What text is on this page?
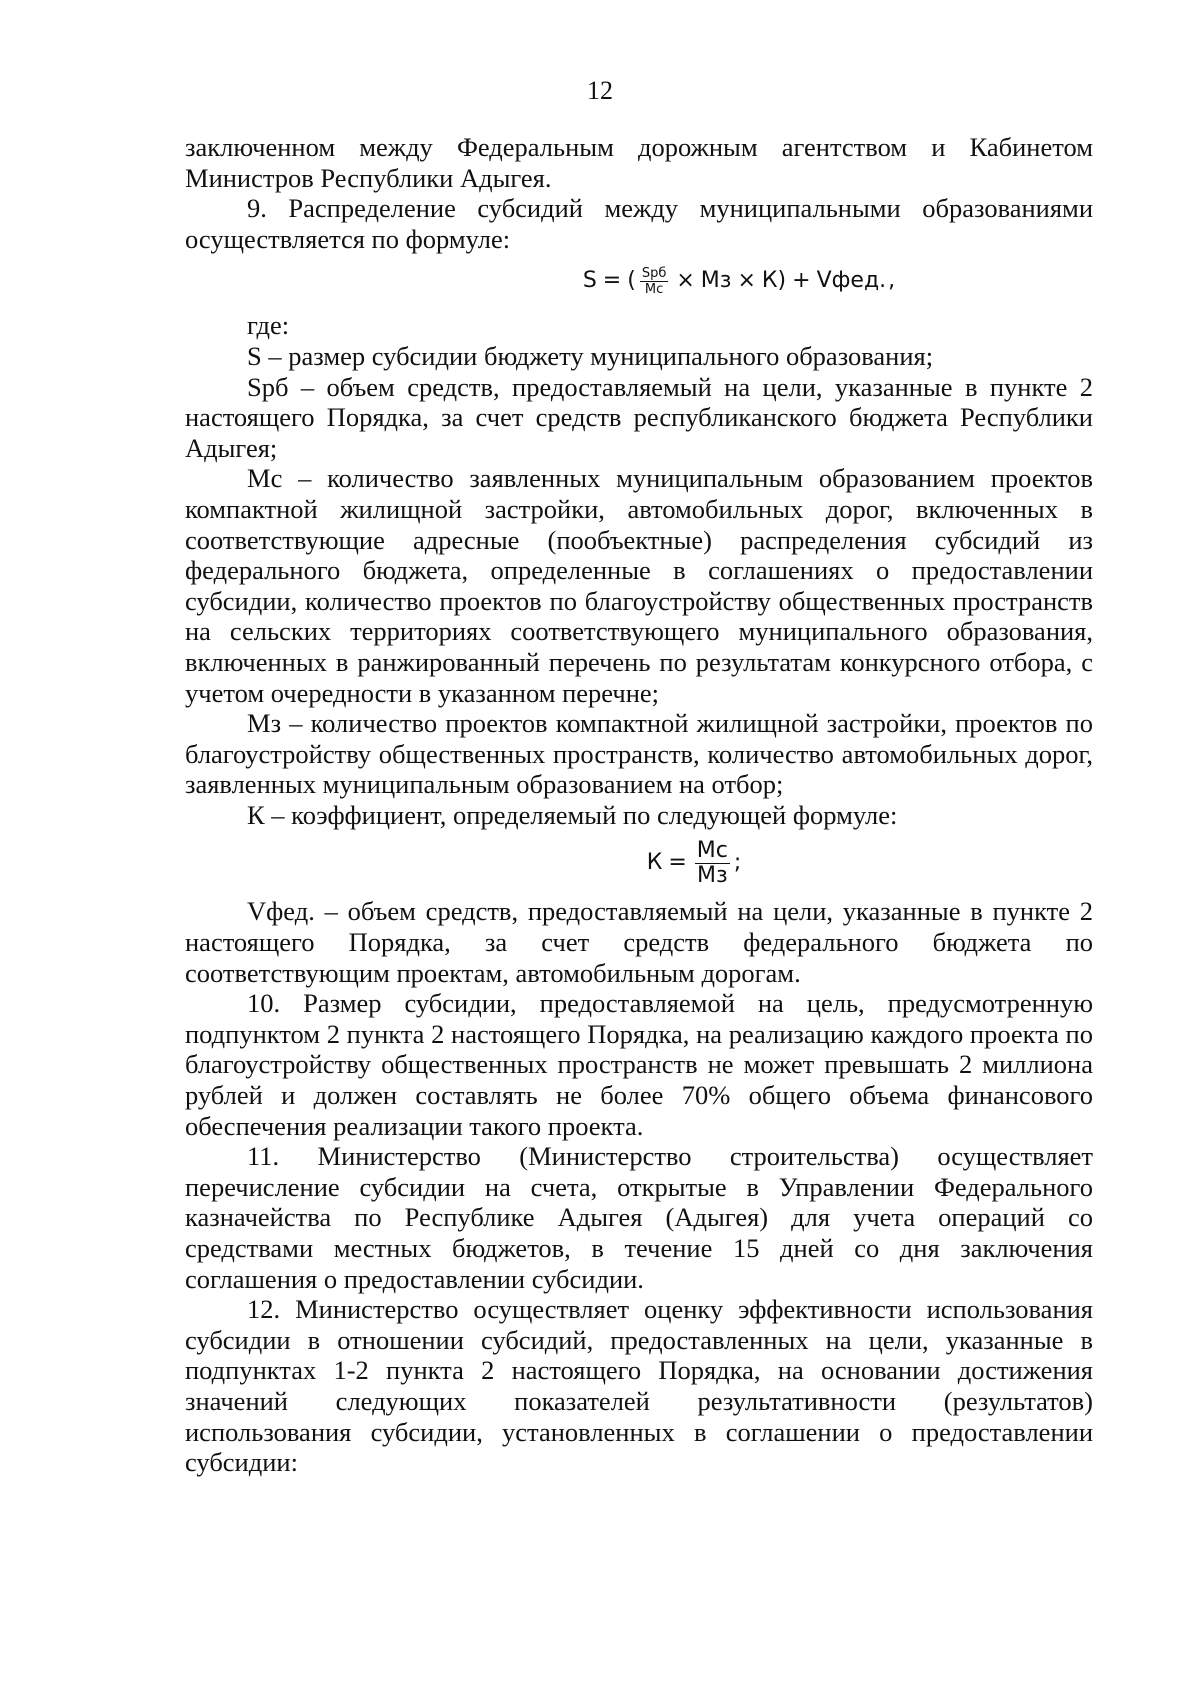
12

заключенном между Федеральным дорожным агентством и Кабинетом Министров Республики Адыгея.

9. Распределение субсидий между муниципальными образованиями осуществляется по формуле:

S = ( $\frac{\text{Sрб}}{Mс}$ × Mз × К) + Vфед. ,

где:

S – размер субсидии бюджету муниципального образования;

Sрб – объем средств, предоставляемый на цели, указанные в пункте 2 настоящего Порядка, за счет средств республиканского бюджета Республики Адыгея;

Мс – количество заявленных муниципальным образованием проектов компактной жилищной застройки, автомобильных дорог, включенных в соответствующие адресные (пообъектные) распределения субсидий из федерального бюджета, определенные в соглашениях о предоставлении субсидии, количество проектов по благоустройству общественных пространств на сельских территориях соответствующего муниципального образования, включенных в ранжированный перечень по результатам конкурсного отбора, с учетом очередности в указанном перечне;

Мз – количество проектов компактной жилищной застройки, проектов по благоустройству общественных пространств, количество автомобильных дорог, заявленных муниципальным образованием на отбор;

К – коэффициент, определяемый по следующей формуле:

$К = \frac{Mс}{Mз}$ ;

Vфед. – объем средств, предоставляемый на цели, указанные в пункте 2 настоящего Порядка, за счет средств федерального бюджета по соответствующим проектам, автомобильным дорогам.

10. Размер субсидии, предоставляемой на цель, предусмотренную подпунктом 2 пункта 2 настоящего Порядка, на реализацию каждого проекта по благоустройству общественных пространств не может превышать 2 миллиона рублей и должен составлять не более 70% общего объема финансового обеспечения реализации такого проекта.

11. Министерство (Министерство строительства) осуществляет перечисление субсидии на счета, открытые в Управлении Федерального казначейства по Республике Адыгея (Адыгея) для учета операций со средствами местных бюджетов, в течение 15 дней со дня заключения соглашения о предоставлении субсидии.

12. Министерство осуществляет оценку эффективности использования субсидии в отношении субсидий, предоставленных на цели, указанные в подпунктах 1-2 пункта 2 настоящего Порядка, на основании достижения значений следующих показателей результативности (результатов) использования субсидии, установленных в соглашении о предоставлении субсидии:
